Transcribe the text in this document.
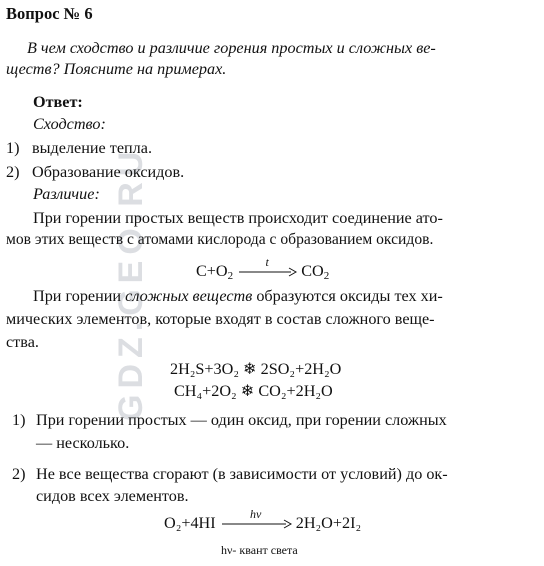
GDZ.GEO.RU
Вопрос № 6
В чем сходство и различие горения простых и сложных ве-
ществ? Поясните на примерах.
Ответ:
Сходство:
1) выделение тепла.
2) Образование оксидов.
Различие:
При горении простых веществ происходит соединение ато-
мов этих веществ с атомами кислорода с образованием оксидов.
$C+O_2$
t	$CO_2$
При горении сложных веществ образуются оксиды тех хи-
мических элементов, которые входят в состав сложного веще-
ства.
2H₂S+3O₂ ❄ 2SO₂+2H₂O
CH₄+2O₂ ❄ CO₂+2H₂O
1) При горении простых — один оксид, при горении сложных
— несколько.
2) Не все вещества сгорают (в зависимости от условий) до ок-
сидов всех элементов.
O₂+4HI	hν	2H₂O+2I₂
hν- квант света
